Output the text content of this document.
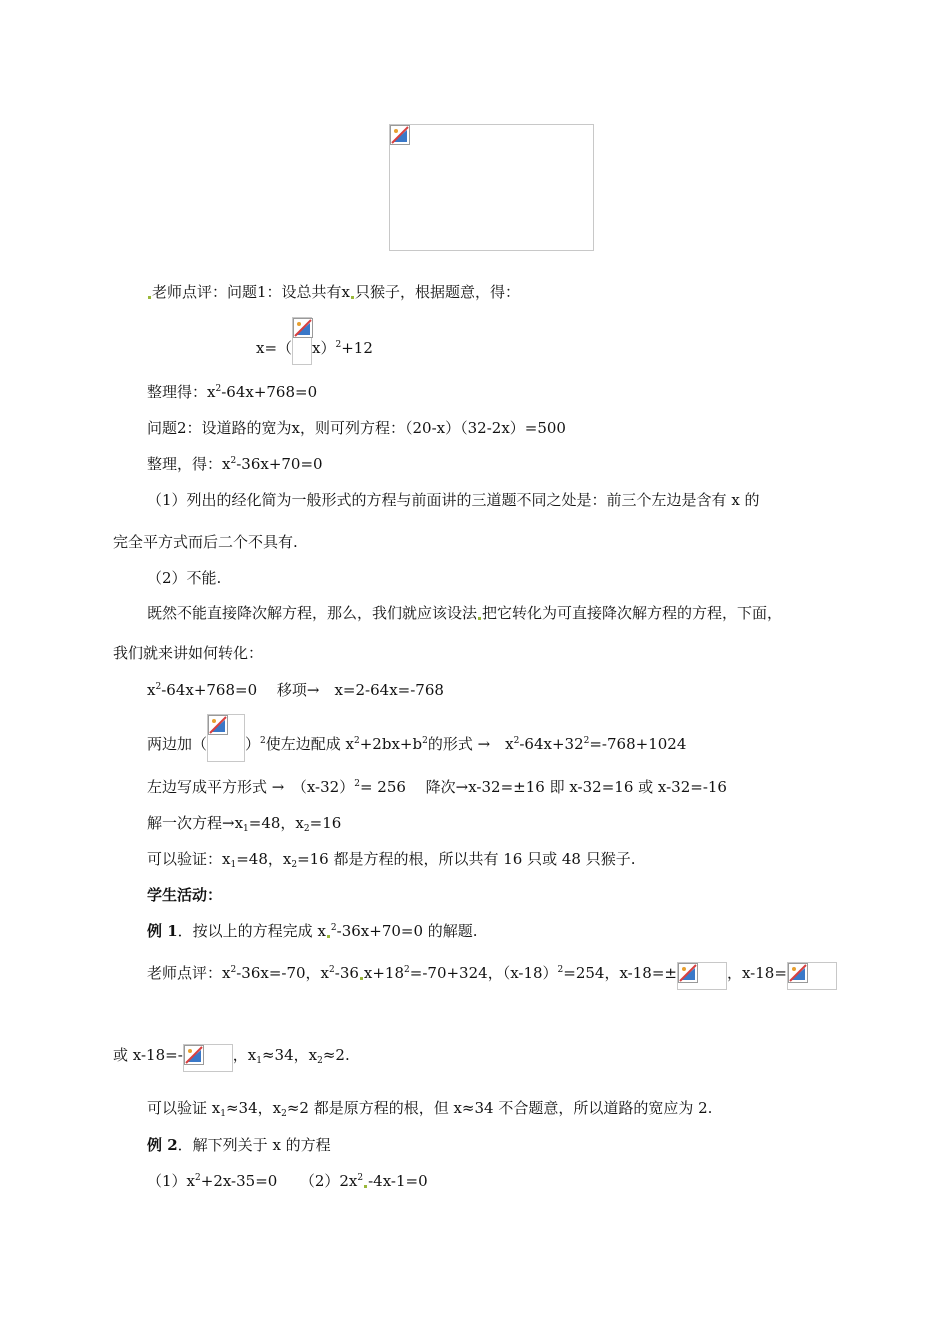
老师点评：问题1：设总共有x 只猴子，根据题意，得：
x=（ x）$^2$+12
整理得：$x^2-64x+768=0$
问题2：设道路的宽为x，则可列方程：（20-x）（32-2x）=500
整理，得：$x^2-36x+70=0$
（1）列出的经化简为一般形式的方程与前面讲的三道题不同之处是：前三个左边是含有 x 的
完全平方式而后二个不具有.
（2）不能.
既然不能直接降次解方程，那么，我们就应该设法 把它转化为可直接降次解方程的方程，下面，
我们就来讲如何转化：
$x^2-64x+768=0$　 移项→　x=2-64x=-768
两边加（	）$^2$使左边配成 $x^2+2bx+b^2$的形式 →　$x^2-64x+32^2=-768+1024$
左边写成平方形式 →　$(x-32)^2= 256$　 降次→x-32=±16 即 x-32=16 或 x-32=-16
解一次方程$\to x_1=48$，$x_2=16$
可以验证：$x_1=48$，$x_2=16$ 都是方程的根，所以共有 16 只或 48 只猴子.
学生活动：
例 1．按以上的方程完成 x $^2$-36x+70=0 的解题.
老师点评：$x^2-36x=-70$，$x^2-36$ $x+18^2=-70+324$，$(x-18)^2=254$，x-18=±	，x-18=
或 x-18=-	，$x_1\approx 34$，$x_2\approx 2$.
可以验证 $x_1\approx 34$，$x_2\approx 2$ 都是原方程的根，但 x≈34 不合题意，所以道路的宽应为 2.
例 2．解下列关于 x 的方程
$(1)x^2+2x-35=0$　　$(2)2x^2$ -4x-1=0
